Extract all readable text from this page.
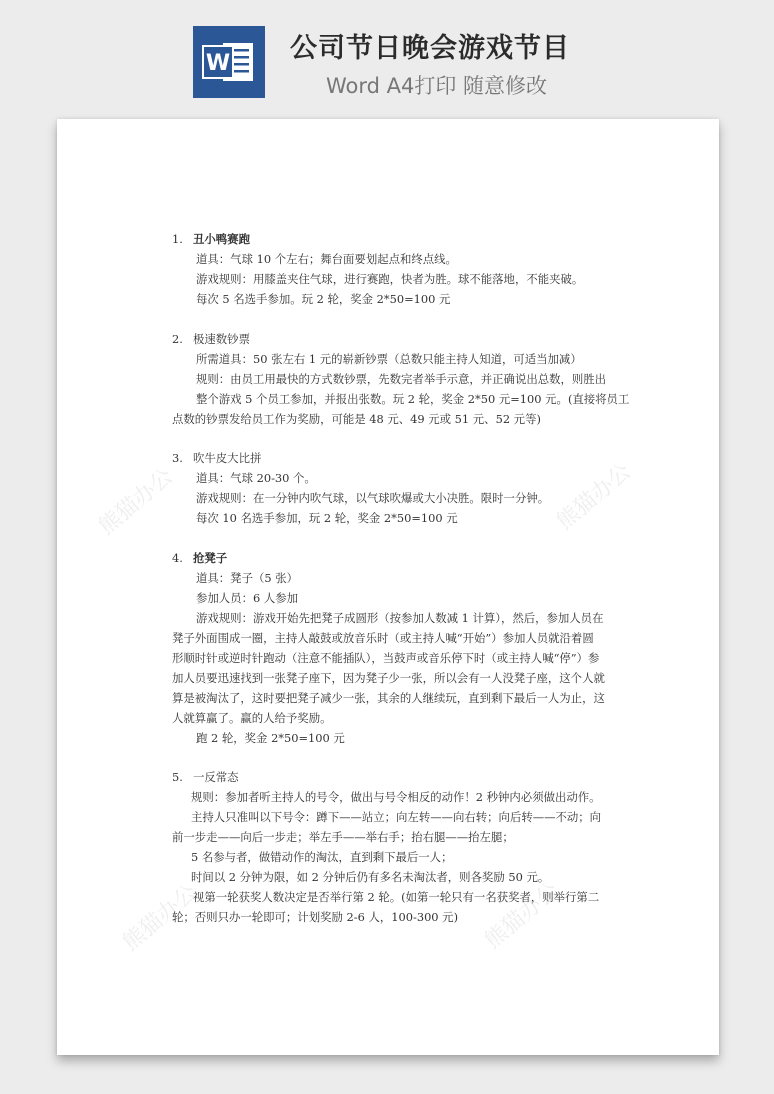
W 公司节日晚会游戏节目
Word A4打印 随意修改
熊猫办公	熊猫办公
熊猫办公	熊猫办公
1. 丑小鸭赛跑
道具：气球 10 个左右；舞台面要划起点和终点线。
游戏规则：用膝盖夹住气球，进行赛跑，快者为胜。球不能落地，不能夹破。
每次 5 名选手参加。玩 2 轮，奖金 2*50=100 元
2. 极速数钞票
所需道具：50 张左右 1 元的崭新钞票（总数只能主持人知道，可适当加减）
规则：由员工用最快的方式数钞票，先数完者举手示意，并正确说出总数，则胜出
整个游戏 5 个员工参加，并报出张数。玩 2 轮，奖金 2*50 元=100 元。(直接将员工
点数的钞票发给员工作为奖励，可能是 48 元、49 元或 51 元、52 元等)
3. 吹牛皮大比拼
道具：气球 20-30 个。
游戏规则：在一分钟内吹气球，以气球吹爆或大小决胜。限时一分钟。
每次 10 名选手参加，玩 2 轮，奖金 2*50=100 元
4. 抢凳子
道具：凳子（5 张）
参加人员：6 人参加
游戏规则：游戏开始先把凳子成圆形（按参加人数减 1 计算），然后，参加人员在
凳子外面围成一圈，主持人敲鼓或放音乐时（或主持人喊“开始”）参加人员就沿着圆
形顺时针或逆时针跑动（注意不能插队），当鼓声或音乐停下时（或主持人喊“停”）参
加人员要迅速找到一张凳子座下，因为凳子少一张，所以会有一人没凳子座，这个人就
算是被淘汰了，这时要把凳子减少一张，其余的人继续玩，直到剩下最后一人为止，这
人就算赢了。赢的人给予奖励。
跑 2 轮，奖金 2*50=100 元
5. 一反常态
规则：参加者听主持人的号令，做出与号令相反的动作！2 秒钟内必须做出动作。
主持人只准叫以下号令：蹲下——站立；向左转——向右转；向后转——不动；向
前一步走——向后一步走；举左手——举右手；抬右腿——抬左腿；
5 名参与者，做错动作的淘汰，直到剩下最后一人；
时间以 2 分钟为限，如 2 分钟后仍有多名未淘汰者，则各奖励 50 元。
视第一轮获奖人数决定是否举行第 2 轮。(如第一轮只有一名获奖者，则举行第二
轮；否则只办一轮即可；计划奖励 2-6 人，100-300 元)
